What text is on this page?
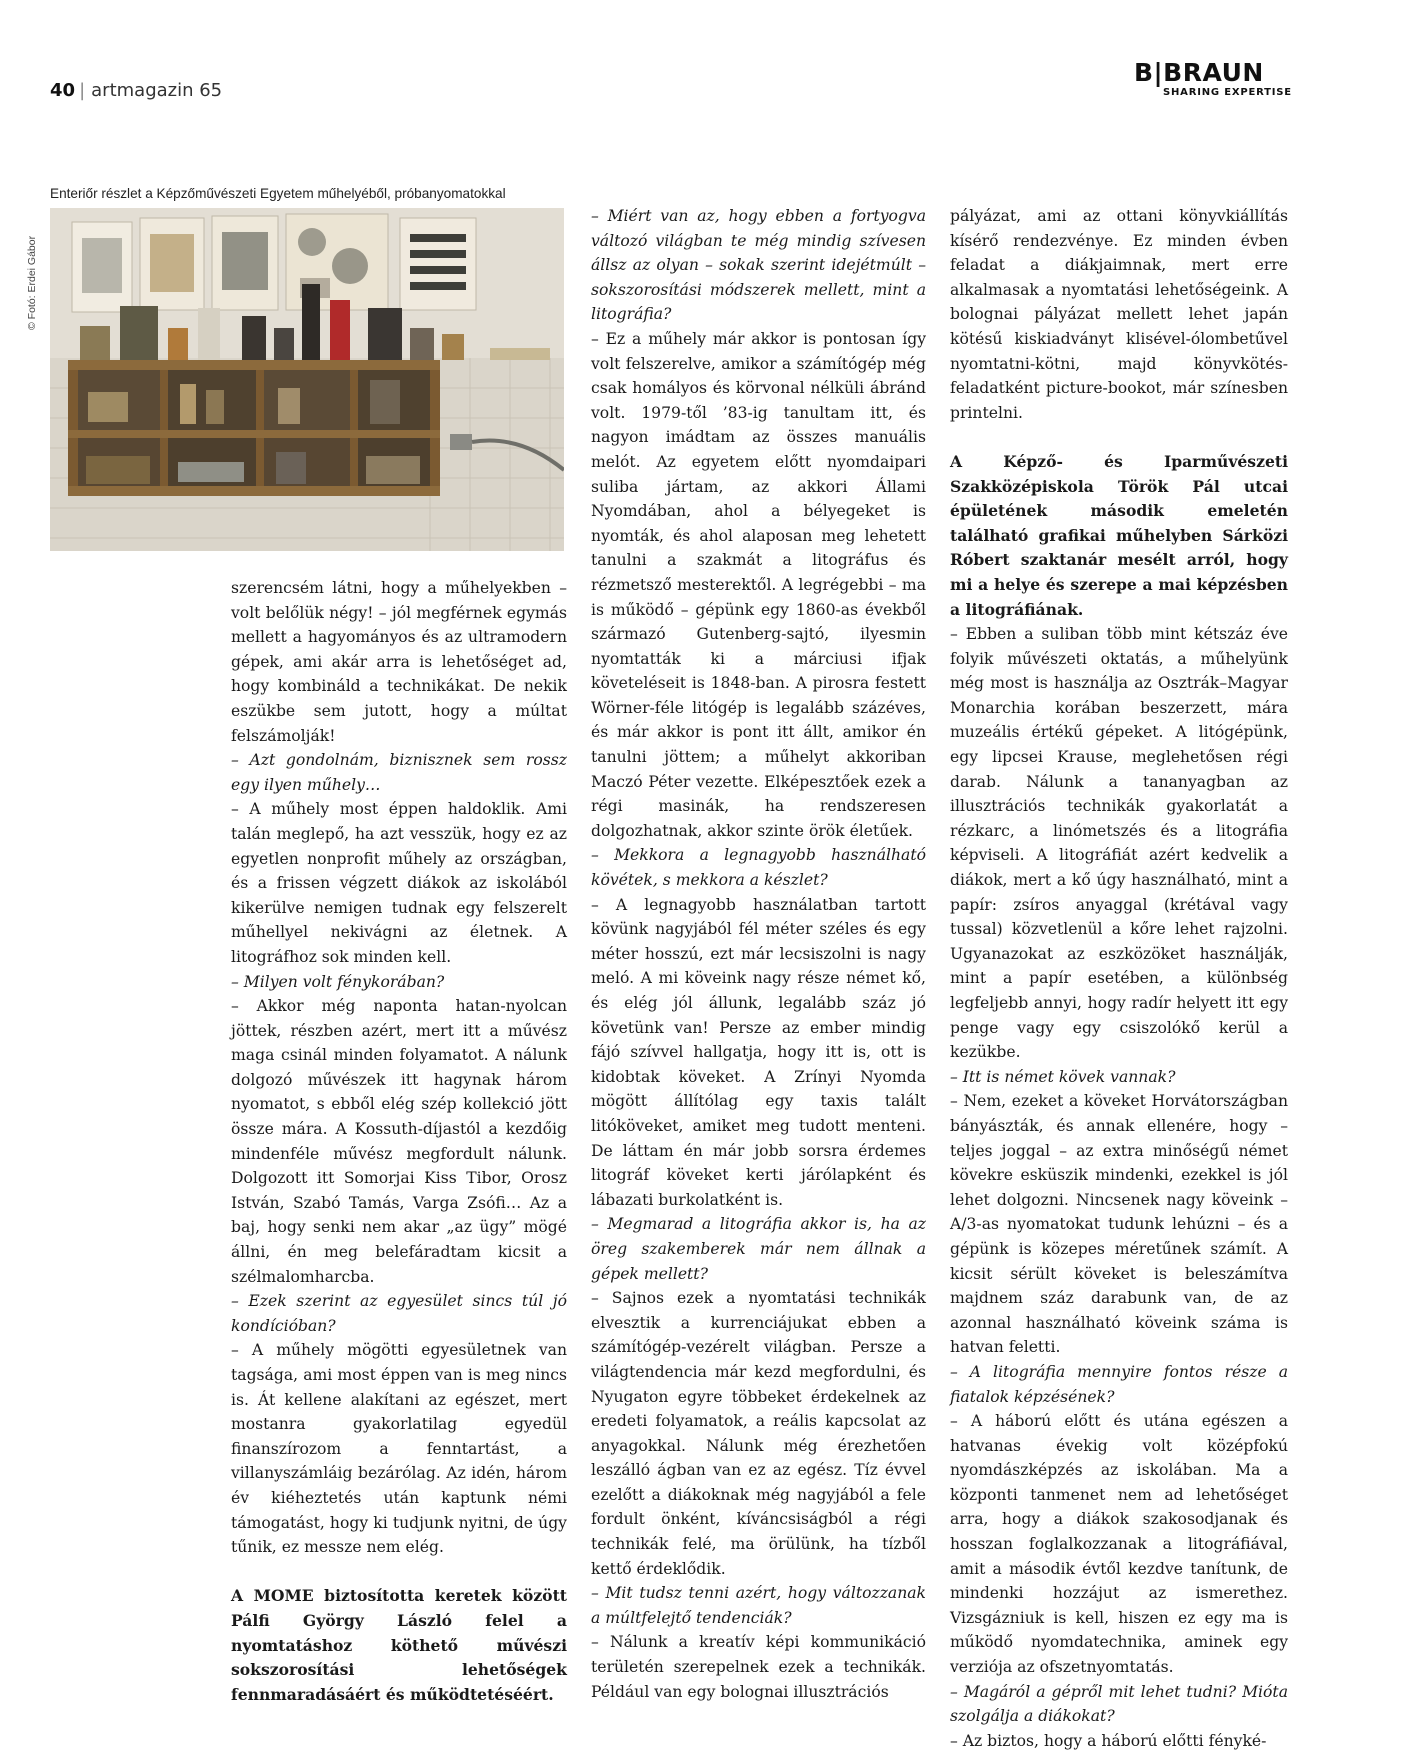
40 | artmagazin 65
B|BRAUN
SHARING EXPERTISE
Enteriőr részlet a Képzőművészeti Egyetem műhelyéből, próbanyomatokkal
© Fotó: Erdei Gábor

szerencsém látni, hogy a műhelyekben – volt belőlük négy! – jól megférnek egymás mellett a hagyományos és az ultramodern gépek, ami akár arra is lehetőséget ad, hogy kombináld a technikákat. De nekik eszükbe sem jutott, hogy a múltat felszámolják!

– Azt gondolnám, biznisznek sem rossz egy ilyen műhely…

– A műhely most éppen haldoklik. Ami talán meglepő, ha azt vesszük, hogy ez az egyetlen nonprofit műhely az országban, és a frissen végzett diákok az iskolából kikerülve nemigen tudnak egy felszerelt műhellyel nekivágni az életnek. A litográfhoz sok minden kell.

– Milyen volt fénykorában?

– Akkor még naponta hatan-nyolcan jöttek, részben azért, mert itt a művész maga csinál minden folyamatot. A nálunk dolgozó művészek itt hagynak három nyomatot, s ebből elég szép kollekció jött össze mára. A Kossuth-díjastól a kezdőig mindenféle művész megfordult nálunk. Dolgozott itt Somorjai Kiss Tibor, Orosz István, Szabó Tamás, Varga Zsófi… Az a baj, hogy senki nem akar „az ügy” mögé állni, én meg belefáradtam kicsit a szélmalomharcba.

– Ezek szerint az egyesület sincs túl jó kondícióban?

– A műhely mögötti egyesületnek van tagsága, ami most éppen van is meg nincs is. Át kellene alakítani az egészet, mert mostanra gyakorlatilag egyedül finanszírozom a fenntartást, a villanyszámláig bezárólag. Az idén, három év kiéheztetés után kaptunk némi támogatást, hogy ki tudjunk nyitni, de úgy tűnik, ez messze nem elég.

A MOME biztosította keretek között Pálfi György László felel a nyomtatáshoz köthető művészi sokszorosítási lehetőségek fennmaradásáért és működtetéséért.

– Miért van az, hogy ebben a fortyogva változó világban te még mindig szívesen állsz az olyan – sokak szerint idejétmúlt – sokszorosítási módszerek mellett, mint a litográfia?

– Ez a műhely már akkor is pontosan így volt felszerelve, amikor a számítógép még csak homályos és körvonal nélküli ábránd volt. 1979-től ’83-ig tanultam itt, és nagyon imádtam az összes manuális melót. Az egyetem előtt nyomdaipari suliba jártam, az akkori Állami Nyomdában, ahol a bélyegeket is nyomták, és ahol alaposan meg lehetett tanulni a szakmát a litográfus és rézmetsző mesterektől. A legrégebbi – ma is működő – gépünk egy 1860-as évekből származó Gutenberg-sajtó, ilyesmin nyomtatták ki a márciusi ifjak követeléseit is 1848-ban. A pirosra festett Wörner-féle litógép is legalább százéves, és már akkor is pont itt állt, amikor én tanulni jöttem; a műhelyt akkoriban Maczó Péter vezette. Elképesztőek ezek a régi masinák, ha rendszeresen dolgozhatnak, akkor szinte örök életűek.

– Mekkora a legnagyobb használható kövétek, s mekkora a készlet?

– A legnagyobb használatban tartott kövünk nagyjából fél méter széles és egy méter hosszú, ezt már lecsiszolni is nagy meló. A mi köveink nagy része német kő, és elég jól állunk, legalább száz jó követünk van! Persze az ember mindig fájó szívvel hallgatja, hogy itt is, ott is kidobtak köveket. A Zrínyi Nyomda mögött állítólag egy taxis talált litóköveket, amiket meg tudott menteni. De láttam én már jobb sorsra érdemes litográf köveket kerti járólapként és lábazati burkolatként is.

– Megmarad a litográfia akkor is, ha az öreg szakemberek már nem állnak a gépek mellett?

– Sajnos ezek a nyomtatási technikák elvesztik a kurrenciájukat ebben a számítógép-vezérelt világban. Persze a világtendencia már kezd megfordulni, és Nyugaton egyre többeket érdekelnek az eredeti folyamatok, a reális kapcsolat az anyagokkal. Nálunk még érezhetően leszálló ágban van ez az egész. Tíz évvel ezelőtt a diákoknak még nagyjából a fele fordult önként, kíváncsiságból a régi technikák felé, ma örülünk, ha tízből kettő érdeklődik.

– Mit tudsz tenni azért, hogy változzanak a múltfelejtő tendenciák?

– Nálunk a kreatív képi kommunikáció területén szerepelnek ezek a technikák. Például van egy bolognai illusztrációs

pályázat, ami az ottani könyvkiállítás kísérő rendezvénye. Ez minden évben feladat a diákjaimnak, mert erre alkalmasak a nyomtatási lehetőségeink. A bolognai pályázat mellett lehet japán kötésű kiskiadványt klisével-ólombetűvel nyomtatni-kötni, majd könyvkötés-feladatként picture-bookot, már színesben printelni.

A Képző- és Iparművészeti Szakközépiskola Török Pál utcai épületének második emeletén található grafikai műhelyben Sárközi Róbert szaktanár mesélt arról, hogy mi a helye és szerepe a mai képzésben a litográfiának.

– Ebben a suliban több mint kétszáz éve folyik művészeti oktatás, a műhelyünk még most is használja az Osztrák–Magyar Monarchia korában beszerzett, mára muzeális értékű gépeket. A litógépünk, egy lipcsei Krause, meglehetősen régi darab. Nálunk a tananyagban az illusztrációs technikák gyakorlatát a rézkarc, a linómetszés és a litográfia képviseli. A litográfiát azért kedvelik a diákok, mert a kő úgy használható, mint a papír: zsíros anyaggal (krétával vagy tussal) közvetlenül a kőre lehet rajzolni. Ugyanazokat az eszközöket használják, mint a papír esetében, a különbség legfeljebb annyi, hogy radír helyett itt egy penge vagy egy csiszolókő kerül a kezükbe.

– Itt is német kövek vannak?

– Nem, ezeket a köveket Horvátországban bányászták, és annak ellenére, hogy – teljes joggal – az extra minőségű német kövekre esküszik mindenki, ezekkel is jól lehet dolgozni. Nincsenek nagy köveink – A/3-as nyomatokat tudunk lehúzni – és a gépünk is közepes méretűnek számít. A kicsit sérült köveket is beleszámítva majdnem száz darabunk van, de az azonnal használható köveink száma is hatvan feletti.

– A litográfia mennyire fontos része a fiatalok képzésének?

– A háború előtt és utána egészen a hatvanas évekig volt középfokú nyomdászképzés az iskolában. Ma a központi tanmenet nem ad lehetőséget arra, hogy a diákok szakosodjanak és hosszan foglalkozzanak a litográfiával, amit a második évtől kezdve tanítunk, de mindenki hozzájut az ismerethez. Vizsgázniuk is kell, hiszen ez egy ma is működő nyomdatechnika, aminek egy verziója az ofszetnyomtatás.

– Magáról a gépről mit lehet tudni? Mióta szolgálja a diákokat?

– Az biztos, hogy a háború előtti fényké-
